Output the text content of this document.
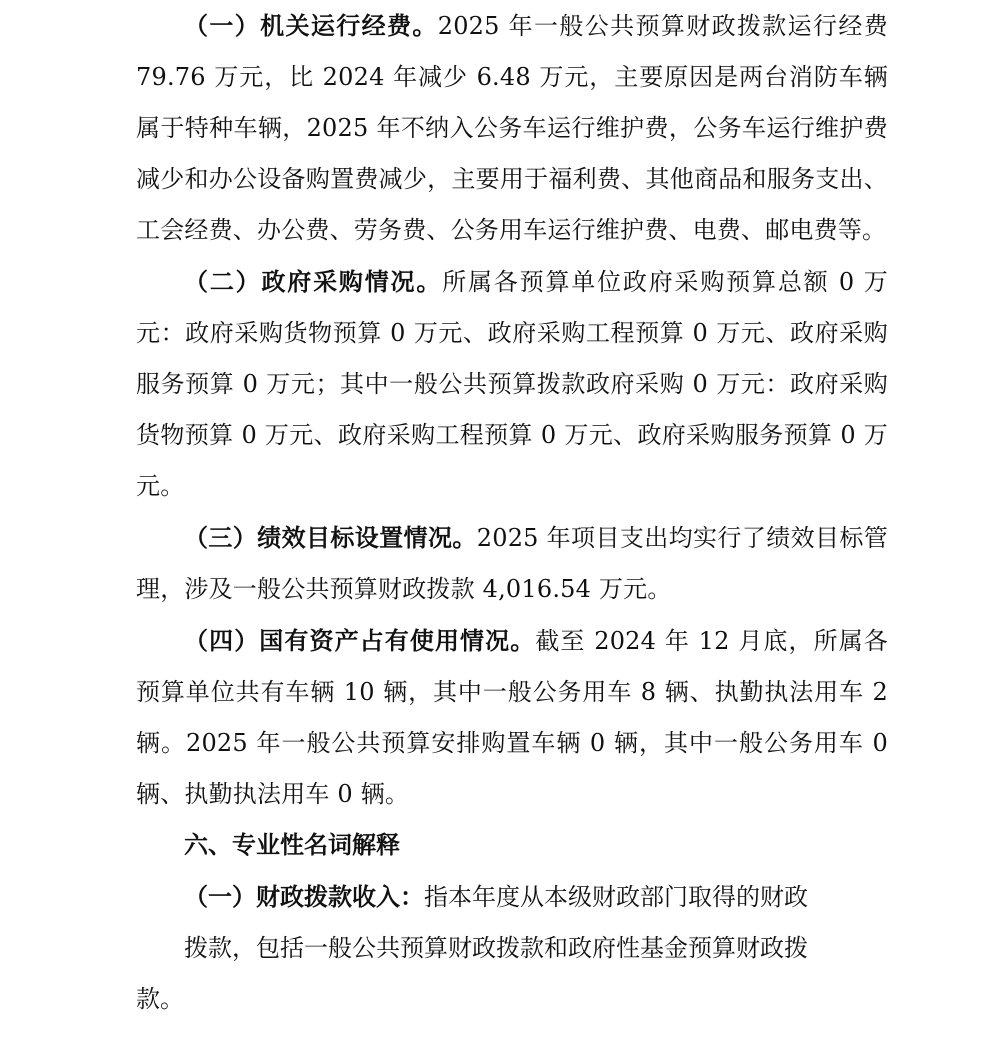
（一）机关运行经费。2025 年一般公共预算财政拨款运行经费 79.76 万元，比 2024 年减少 6.48 万元，主要原因是两台消防车辆属于特种车辆，2025 年不纳入公务车运行维护费，公务车运行维护费减少和办公设备购置费减少，主要用于福利费、其他商品和服务支出、工会经费、办公费、劳务费、公务用车运行维护费、电费、邮电费等。

（二）政府采购情况。所属各预算单位政府采购预算总额 0 万元：政府采购货物预算 0 万元、政府采购工程预算 0 万元、政府采购服务预算 0 万元；其中一般公共预算拨款政府采购 0 万元：政府采购货物预算 0 万元、政府采购工程预算 0 万元、政府采购服务预算 0 万元。

（三）绩效目标设置情况。2025 年项目支出均实行了绩效目标管理，涉及一般公共预算财政拨款 4,016.54 万元。

（四）国有资产占有使用情况。截至 2024 年 12 月底，所属各预算单位共有车辆 10 辆，其中一般公务用车 8 辆、执勤执法用车 2 辆。2025 年一般公共预算安排购置车辆 0 辆，其中一般公务用车 0 辆、执勤执法用车 0 辆。

六、专业性名词解释

（一）财政拨款收入：指本年度从本级财政部门取得的财政
拨款，包括一般公共预算财政拨款和政府性基金预算财政拨
款。
